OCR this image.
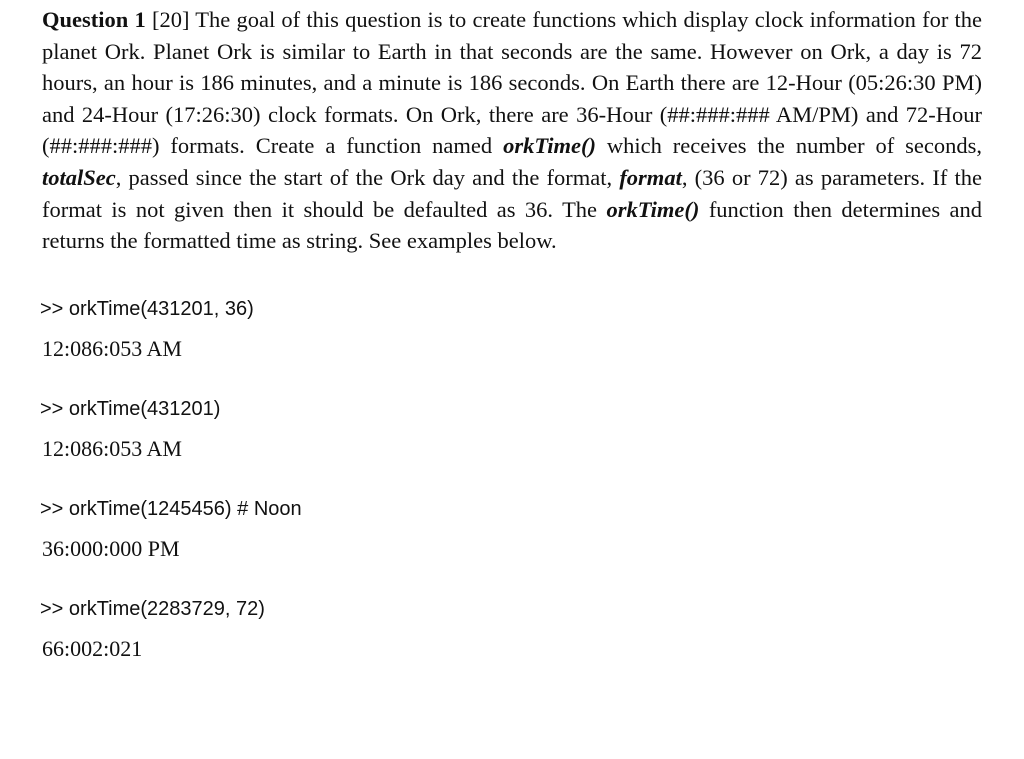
Question 1 [20] The goal of this question is to create functions which display clock information for the planet Ork. Planet Ork is similar to Earth in that seconds are the same. However on Ork, a day is 72 hours, an hour is 186 minutes, and a minute is 186 seconds. On Earth there are 12-Hour (05:26:30 PM) and 24-Hour (17:26:30) clock formats. On Ork, there are 36-Hour (##:###:### AM/PM) and 72-Hour (##:###:###) formats. Create a function named orkTime() which receives the number of seconds, totalSec, passed since the start of the Ork day and the format, format, (36 or 72) as parameters. If the format is not given then it should be defaulted as 36. The orkTime() function then determines and returns the formatted time as string. See examples below.

>> orkTime(431201, 36)
12:086:053 AM
>> orkTime(431201)
12:086:053 AM
>> orkTime(1245456) # Noon
36:000:000 PM
>> orkTime(2283729, 72)
66:002:021
